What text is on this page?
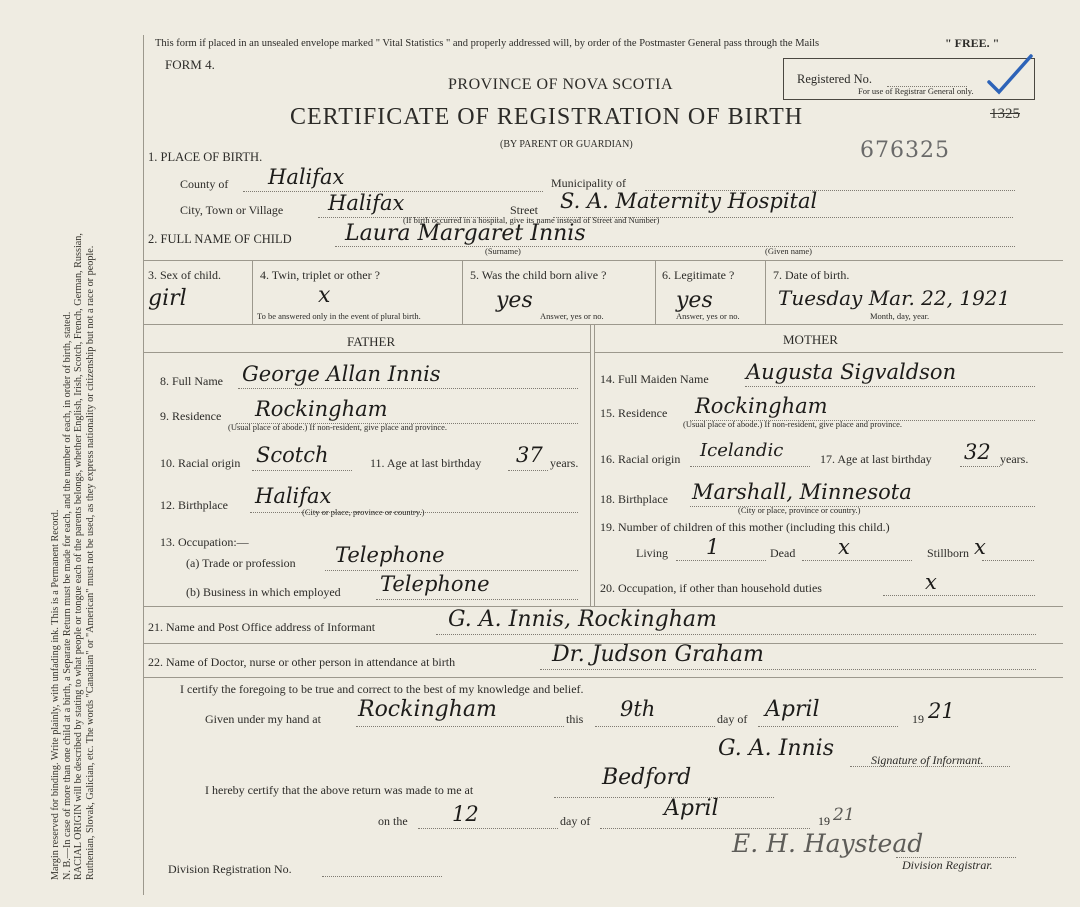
Margin reserved for binding. Write plainly, with unfading ink. This is a Permanent Record. N. B.—In case of more than one child at a birth, a Separate Return must be made for each, and the number of each, in order of birth, stated. RACIAL ORIGIN will be described by stating to what people or tongue each of the parents belongs, whether English, Irish, Scotch, French, German, Russian, Ruthenian, Slovak, Galician, etc. The words "Canadian" or "American" must not be used, as they express nationality or citizenship but not a race or people.
This form if placed in an unsealed envelope marked " Vital Statistics " and properly addressed will, by order of the Postmaster General pass through the Mails	" FREE. "
FORM 4.
PROVINCE OF NOVA SCOTIA
CERTIFICATE OF REGISTRATION OF BIRTH
(BY PARENT OR GUARDIAN)
Registered No.
For use of Registrar General only.
1325
676325
1. PLACE OF BIRTH.
County of Halifax	Municipality of
City, Town or Village Halifax	Street S. A. Maternity Hospital
(If birth occurred in a hospital, give its name instead of Street and Number)
2. FULL NAME OF CHILD Laura Margaret Innis
(Surname)	(Given name)
3. Sex of child.
girl
4. Twin, triplet or other ?
x
To be answered only in the event of plural birth.
5. Was the child born alive ?
yes
Answer, yes or no.
6. Legitimate ?
yes
Answer, yes or no.
7. Date of birth.
Tuesday Mar. 22, 1921
Month, day, year.
FATHER	MOTHER
8. Full Name George Allan Innis
9. Residence Rockingham
(Usual place of abode.) If non-resident, give place and province.
10. Racial origin Scotch	11. Age at last birthday 37 years.
12. Birthplace Halifax
(City or place, province or country.)
13. Occupation:—
(a) Trade or profession Telephone
(b) Business in which employed Telephone
14. Full Maiden Name Augusta Sigvaldson
15. Residence Rockingham
(Usual place of abode.) If non-resident, give place and province.
16. Racial origin Icelandic	17. Age at last birthday 32 years.
18. Birthplace Marshall, Minnesota
(City or place, province or country.)
19. Number of children of this mother (including this child.)
Living 1	Dead x	Stillborn x
20. Occupation, if other than household duties	x
21. Name and Post Office address of Informant	G. A. Innis, Rockingham
22. Name of Doctor, nurse or other person in attendance at birth	Dr. Judson Graham
I certify the foregoing to be true and correct to the best of my knowledge and belief.
Given under my hand at Rockingham	this 9th	day of April	19 21
G. A. Innis	Signature of Informant.
I hereby certify that the above return was made to me at	Bedford
on the 12	day of	April	19 21
E. H. Haystead
Division Registration No.	Division Registrar.
